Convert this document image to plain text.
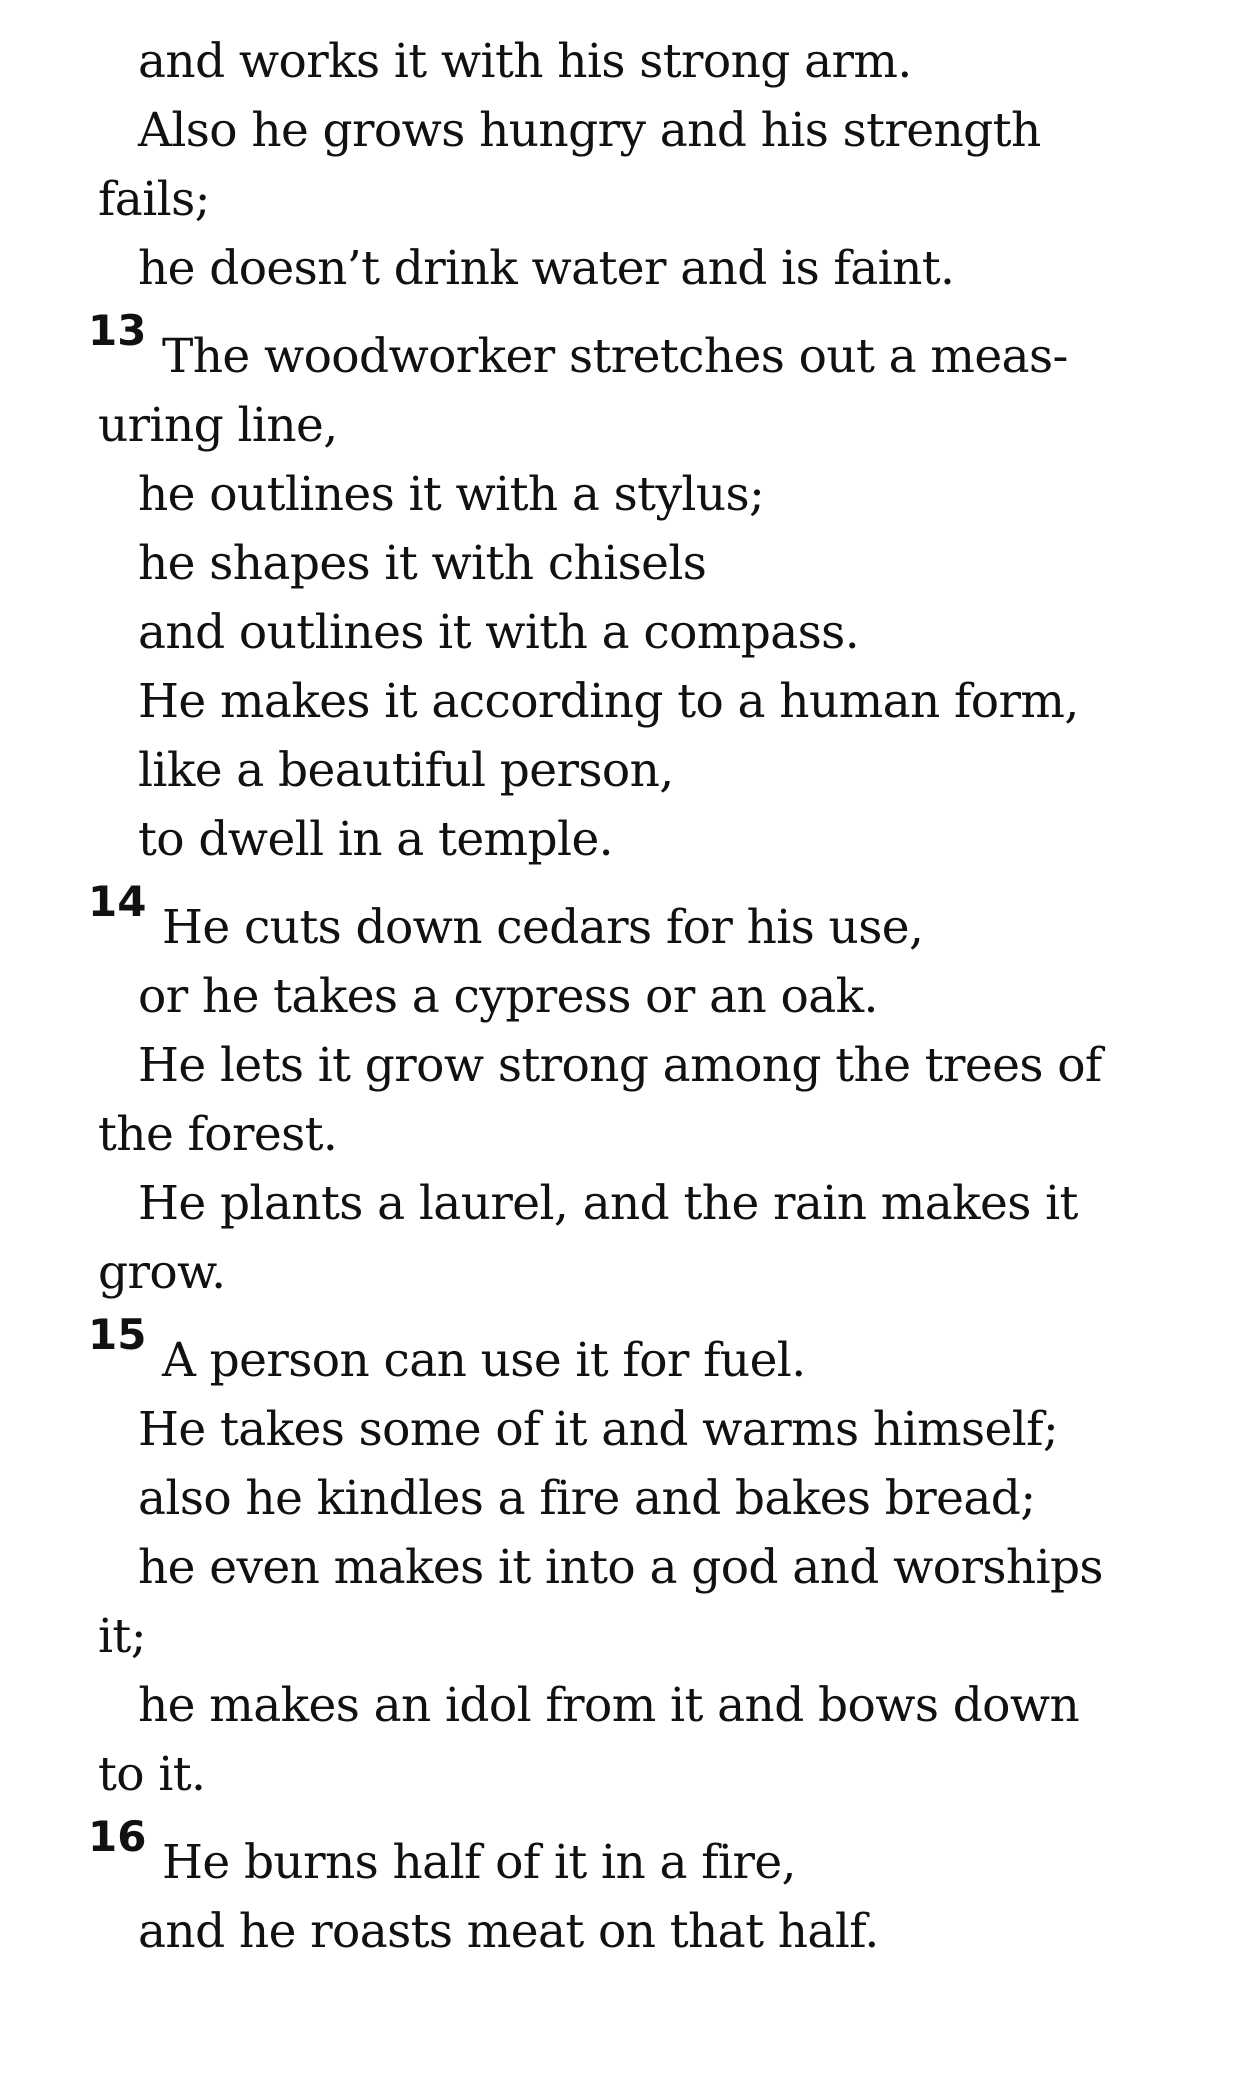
and works it with his strong arm.
Also he grows hungry and his strength
fails;
he doesn’t drink water and is faint.
13 The woodworker stretches out a meas-
uring line,
he outlines it with a stylus;
he shapes it with chisels
and outlines it with a compass.
He makes it according to a human form,
like a beautiful person,
to dwell in a temple.
14 He cuts down cedars for his use,
or he takes a cypress or an oak.
He lets it grow strong among the trees of
the forest.
He plants a laurel, and the rain makes it
grow.
15 A person can use it for fuel.
He takes some of it and warms himself;
also he kindles a fire and bakes bread;
he even makes it into a god and worships
it;
he makes an idol from it and bows down
to it.
16 He burns half of it in a fire,
and he roasts meat on that half.
